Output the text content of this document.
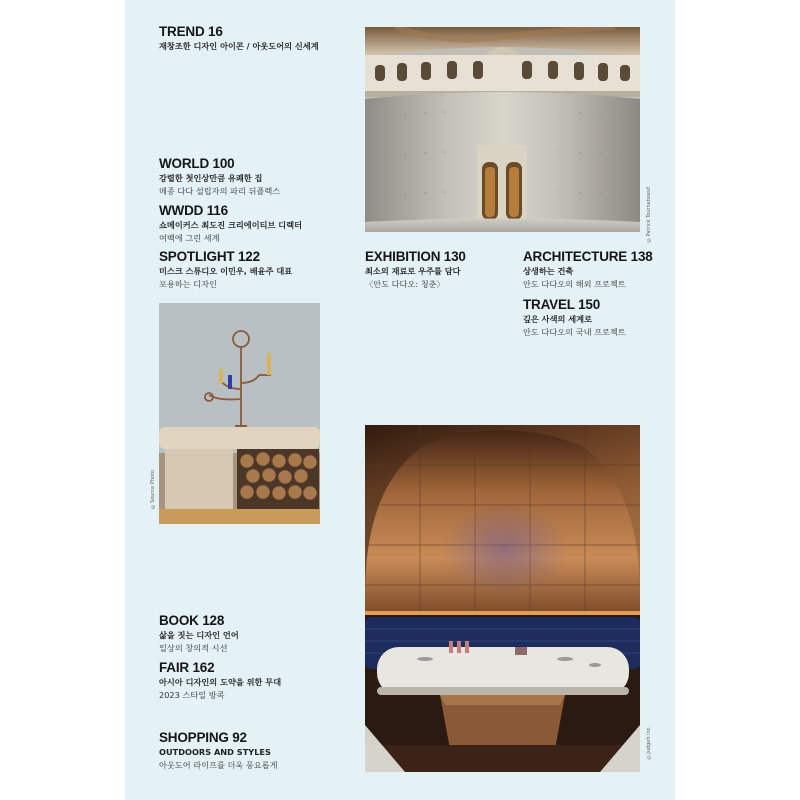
TREND 16
재창조한 디자인 아이콘 / 아웃도어의 신세계
WORLD 100
강렬한 첫인상만큼 유쾌한 집
메종 다다 설립자의 파리 뒤플렉스
WWDD 116
쇼메이커스 최도진 크리에이티브 디렉터
여백에 그린 세계
SPOTLIGHT 122
미스크 스튜디오 이민우, 배윤주 대표
포용하는 디자인
EXHIBITION 130
최소의 재료로 우주를 담다
〈안도 다다오: 청춘〉
ARCHITECTURE 138
상생하는 건축
안도 다다오의 해외 프로젝트
TRAVEL 150
깊은 사색의 세계로
안도 다다오의 국내 프로젝트
BOOK 128
삶을 짓는 디자인 언어
일상의 창의적 시선
FAIR 162
아시아 디자인의 도약을 위한 무대
2023 스타일 방콕
SHOPPING 92
OUTDOORS AND STYLES
아웃도어 라이프를 더욱 풍요롭게
©Patrick Tourneboeuf
©Source Photo
©Judgeh inc.
